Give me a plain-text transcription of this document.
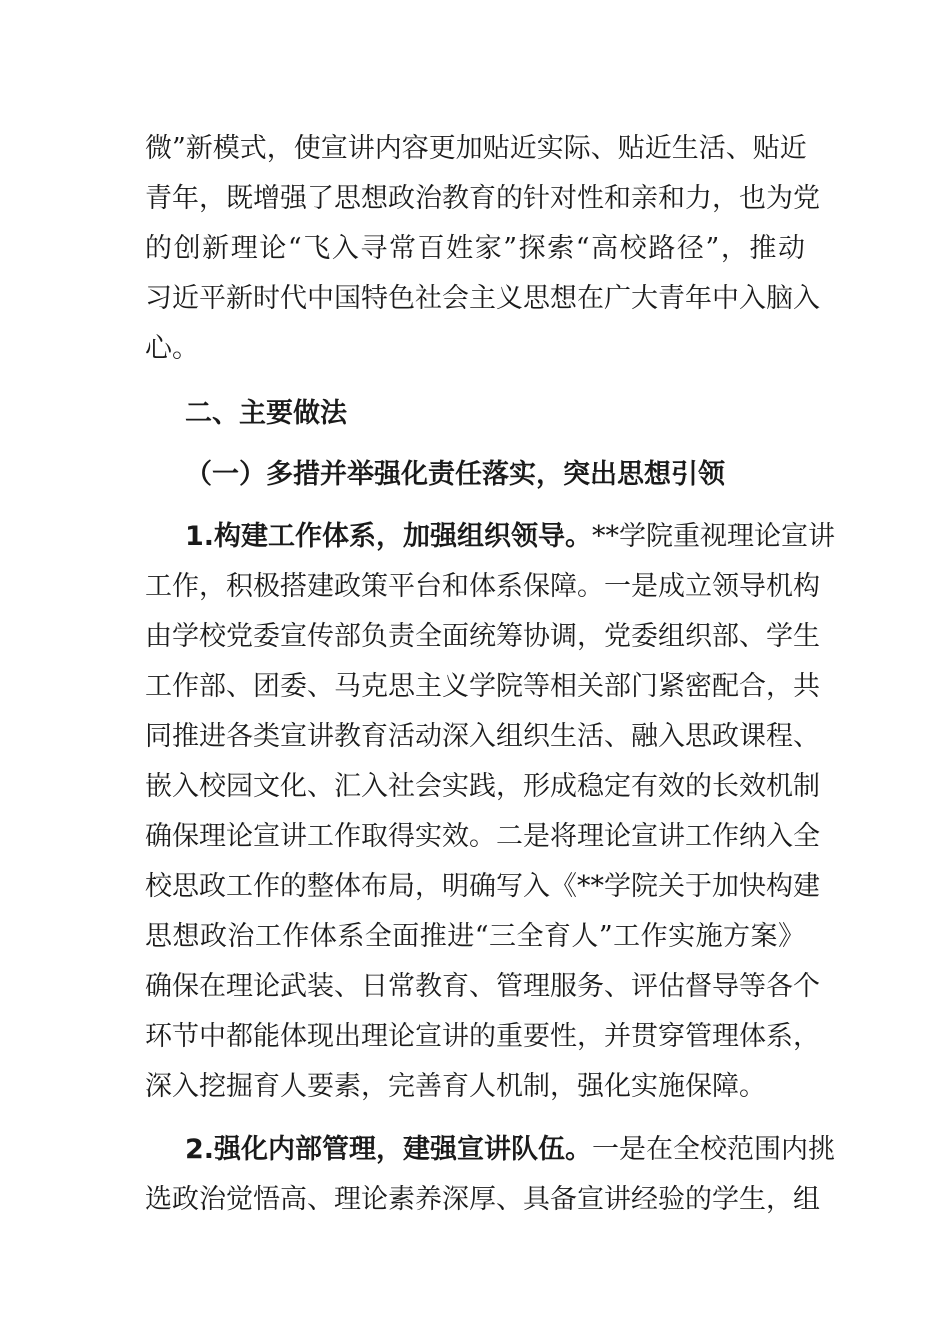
微”新模式，使宣讲内容更加贴近实际、贴近生活、贴近
青年，既增强了思想政治教育的针对性和亲和力，也为党
的创新理论“飞入寻常百姓家”探索“高校路径”，推动
习近平新时代中国特色社会主义思想在广大青年中入脑入
心。
二、主要做法
（一）多措并举强化责任落实，突出思想引领
1.构建工作体系，加强组织领导。**学院重视理论宣讲
工作，积极搭建政策平台和体系保障。一是成立领导机构
由学校党委宣传部负责全面统筹协调，党委组织部、学生
工作部、团委、马克思主义学院等相关部门紧密配合，共
同推进各类宣讲教育活动深入组织生活、融入思政课程、
嵌入校园文化、汇入社会实践，形成稳定有效的长效机制
确保理论宣讲工作取得实效。二是将理论宣讲工作纳入全
校思政工作的整体布局，明确写入《**学院关于加快构建
思想政治工作体系全面推进“三全育人”工作实施方案》
确保在理论武装、日常教育、管理服务、评估督导等各个
环节中都能体现出理论宣讲的重要性，并贯穿管理体系，
深入挖掘育人要素，完善育人机制，强化实施保障。
2.强化内部管理，建强宣讲队伍。一是在全校范围内挑
选政治觉悟高、理论素养深厚、具备宣讲经验的学生，组
